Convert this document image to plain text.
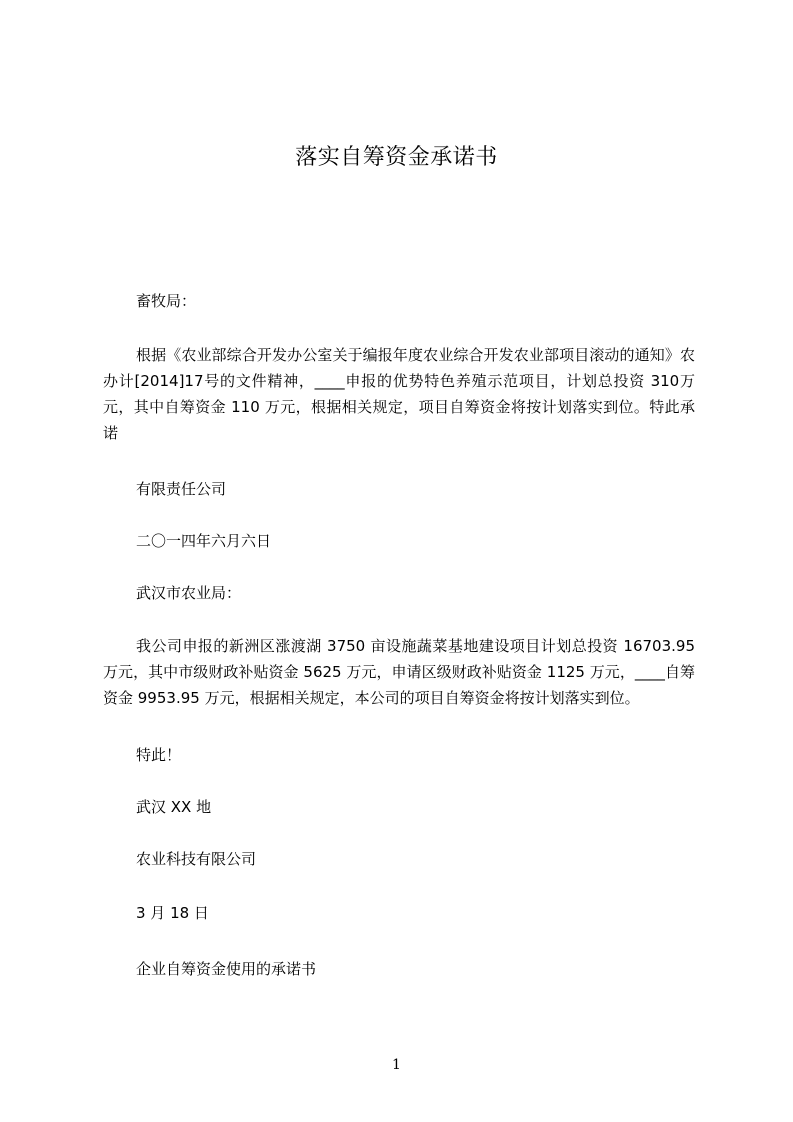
落实自筹资金承诺书
畜牧局：
根据《农业部综合开发办公室关于编报年度农业综合开发农业部项目滚动的通知》农办计[2014]17号的文件精神，____申报的优势特色养殖示范项目，计划总投资 310万元，其中自筹资金 110 万元，根据相关规定，项目自筹资金将按计划落实到位。特此承诺
有限责任公司
二〇一四年六月六日
武汉市农业局：
我公司申报的新洲区涨渡湖 3750 亩设施蔬菜基地建设项目计划总投资 16703.95 万元，其中市级财政补贴资金 5625 万元，申请区级财政补贴资金 1125 万元，____自筹资金 9953.95 万元，根据相关规定，本公司的项目自筹资金将按计划落实到位。
特此！
武汉 XX 地
农业科技有限公司
3 月 18 日
企业自筹资金使用的承诺书
1
